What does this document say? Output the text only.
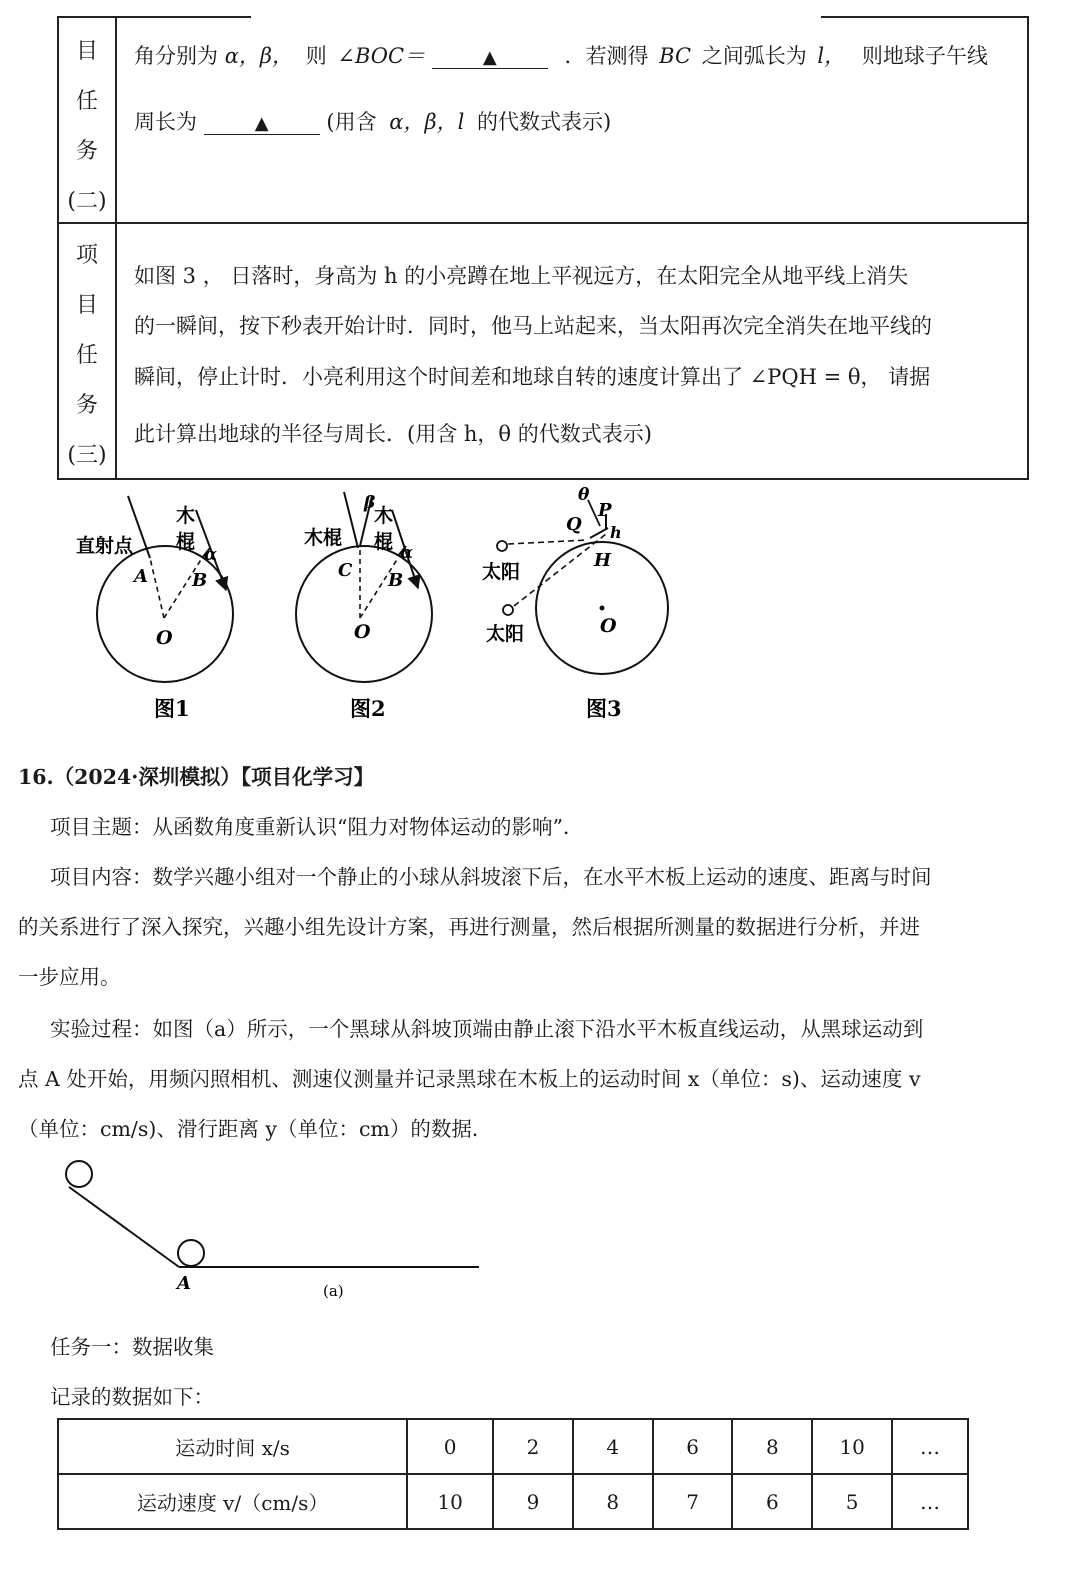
目
任
务
(二)
角分别为 α，β， 则 ∠BOC＝	▲	．若测得 BC 之间弧长为 l， 则地球子午线
周长为	▲	(用含 α，β，l 的代数式表示)
项
目
任
务
(三)
如图 3 ， 日落时，身高为 h 的小亮蹲在地上平视远方，在太阳完全从地平线上消失
的一瞬间，按下秒表开始计时．同时，他马上站起来，当太阳再次完全消失在地平线的
瞬间，停止计时．小亮利用这个时间差和地球自转的速度计算出了 ∠PQH = θ， 请据
此计算出地球的半径与周长．(用含 h，θ 的代数式表示)
直射点
木
棍
A B
α
O
图1
木棍
木
棍
β
α
C B
O
图2
θ
Q
P
h
H
O
太阳
太阳
图3
16.（2024·深圳模拟）【项目化学习】
项目主题：从函数角度重新认识“阻力对物体运动的影响”．
项目内容：数学兴趣小组对一个静止的小球从斜坡滚下后，在水平木板上运动的速度、距离与时间
的关系进行了深入探究，兴趣小组先设计方案，再进行测量，然后根据所测量的数据进行分析，并进
一步应用。
实验过程：如图（a）所示，一个黑球从斜坡顶端由静止滚下沿水平木板直线运动，从黑球运动到
点 A 处开始，用频闪照相机、测速仪测量并记录黑球在木板上的运动时间 x（单位：s)、运动速度 v
（单位：cm/s)、滑行距离 y（单位：cm）的数据．
A	(a)
任务一：数据收集
记录的数据如下：
运动时间 x/s	0	2	4	6	8	10	…
运动速度 v/（cm/s）	10	9	8	7	6	5	…
